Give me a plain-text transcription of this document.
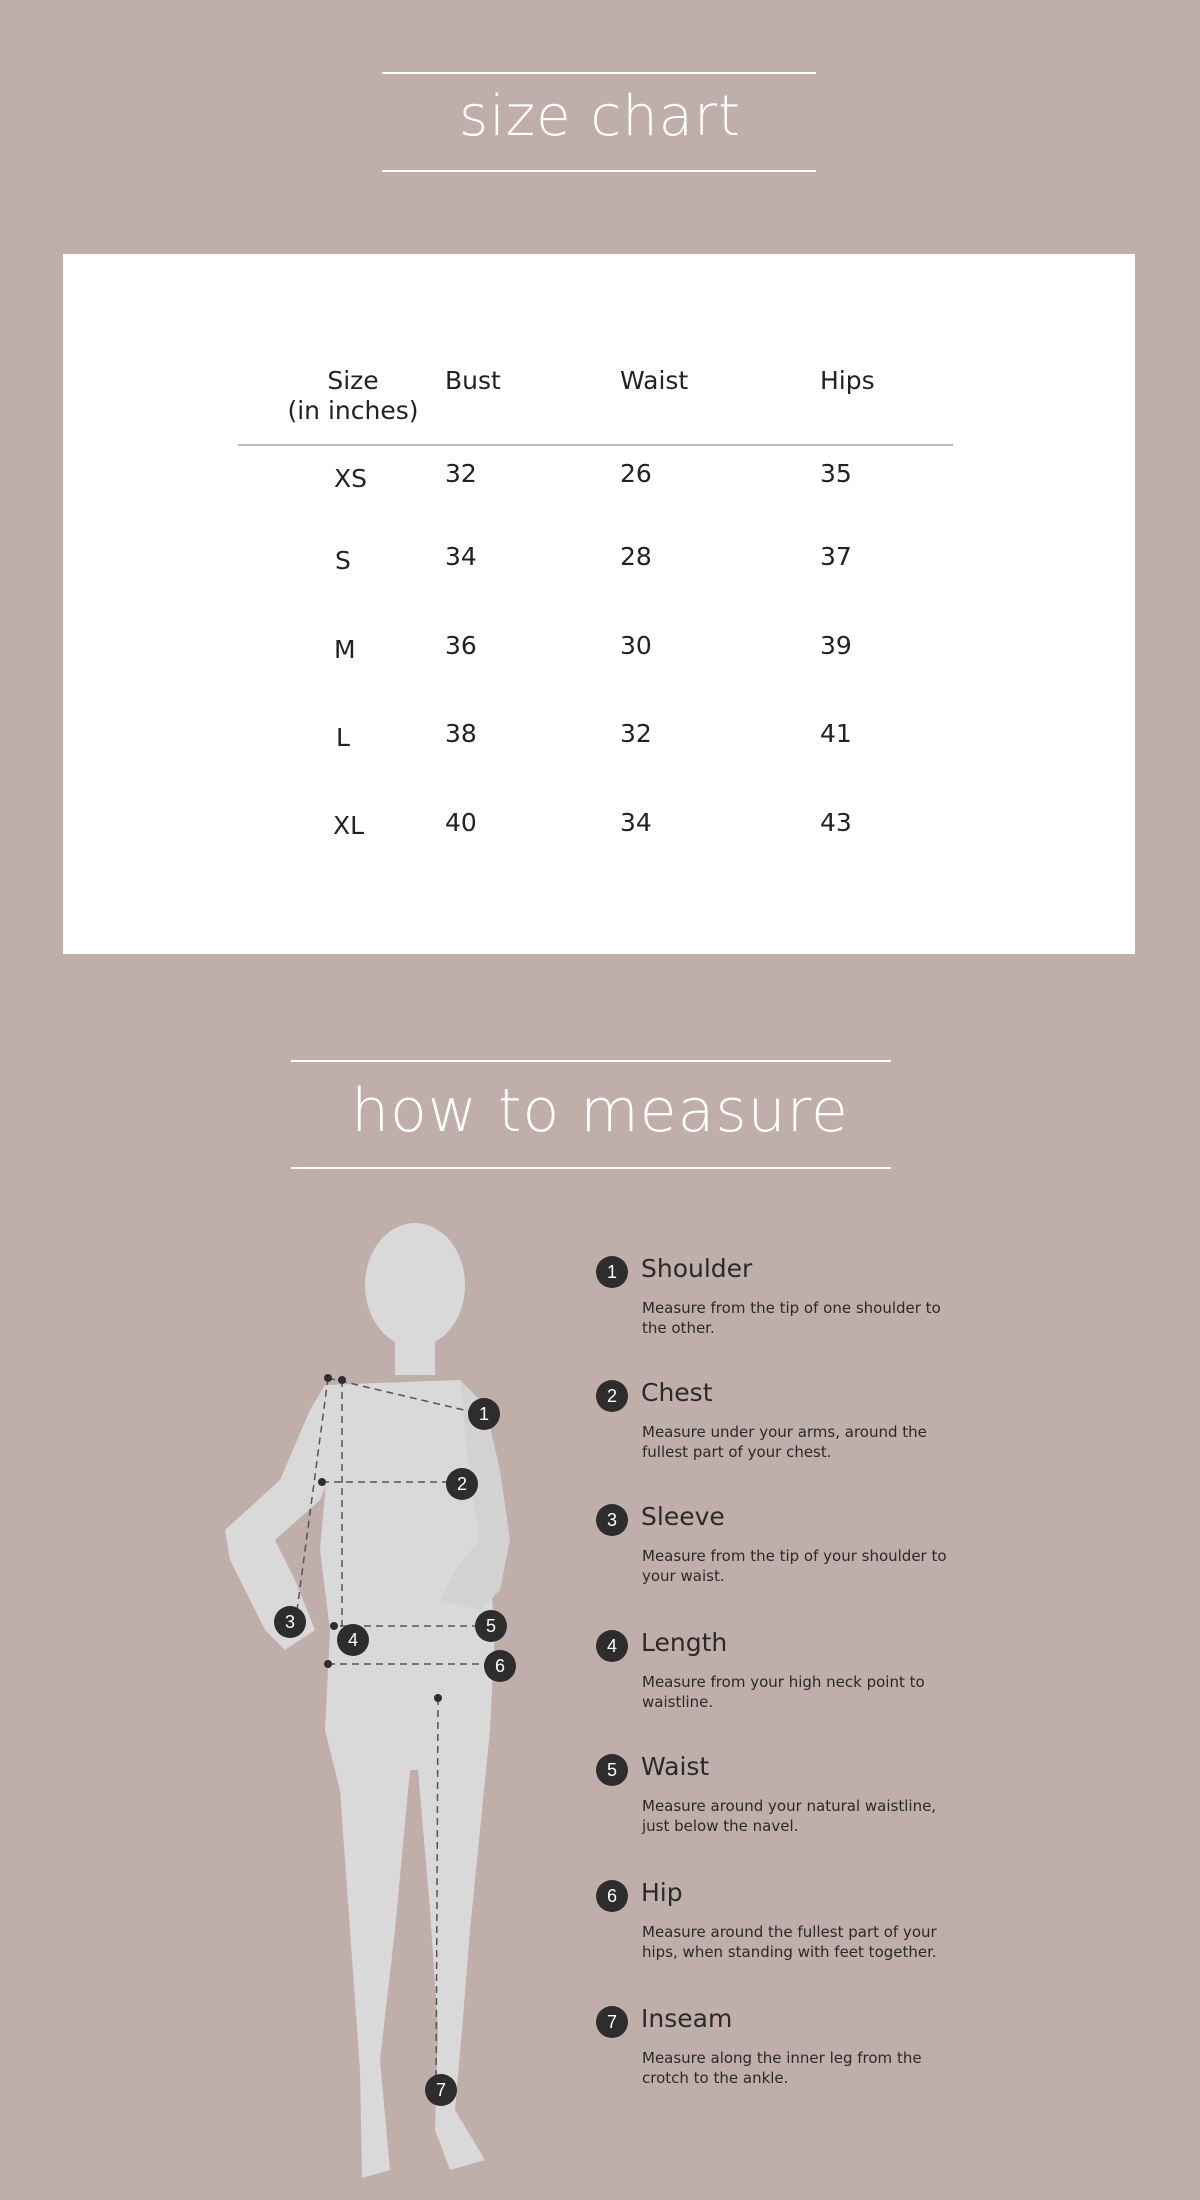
size chart
Size
(in inches)
Bust	Waist	Hips
XS	32	26	35
S	34	28	37
M	36	30	39
L	38	32	41
XL	40	34	43
how to measure
1
2
3
4
5
6
7
1 Shoulder
Measure from the tip of one shoulder to the other.
2 Chest
Measure under your arms, around the fullest part of your chest.
3 Sleeve
Measure from the tip of your shoulder to your waist.
4 Length
Measure from your high neck point to waistline.
5 Waist
Measure around your natural waistline, just below the navel.
6 Hip
Measure around the fullest part of your hips, when standing with feet together.
7 Inseam
Measure along the inner leg from the crotch to the ankle.
